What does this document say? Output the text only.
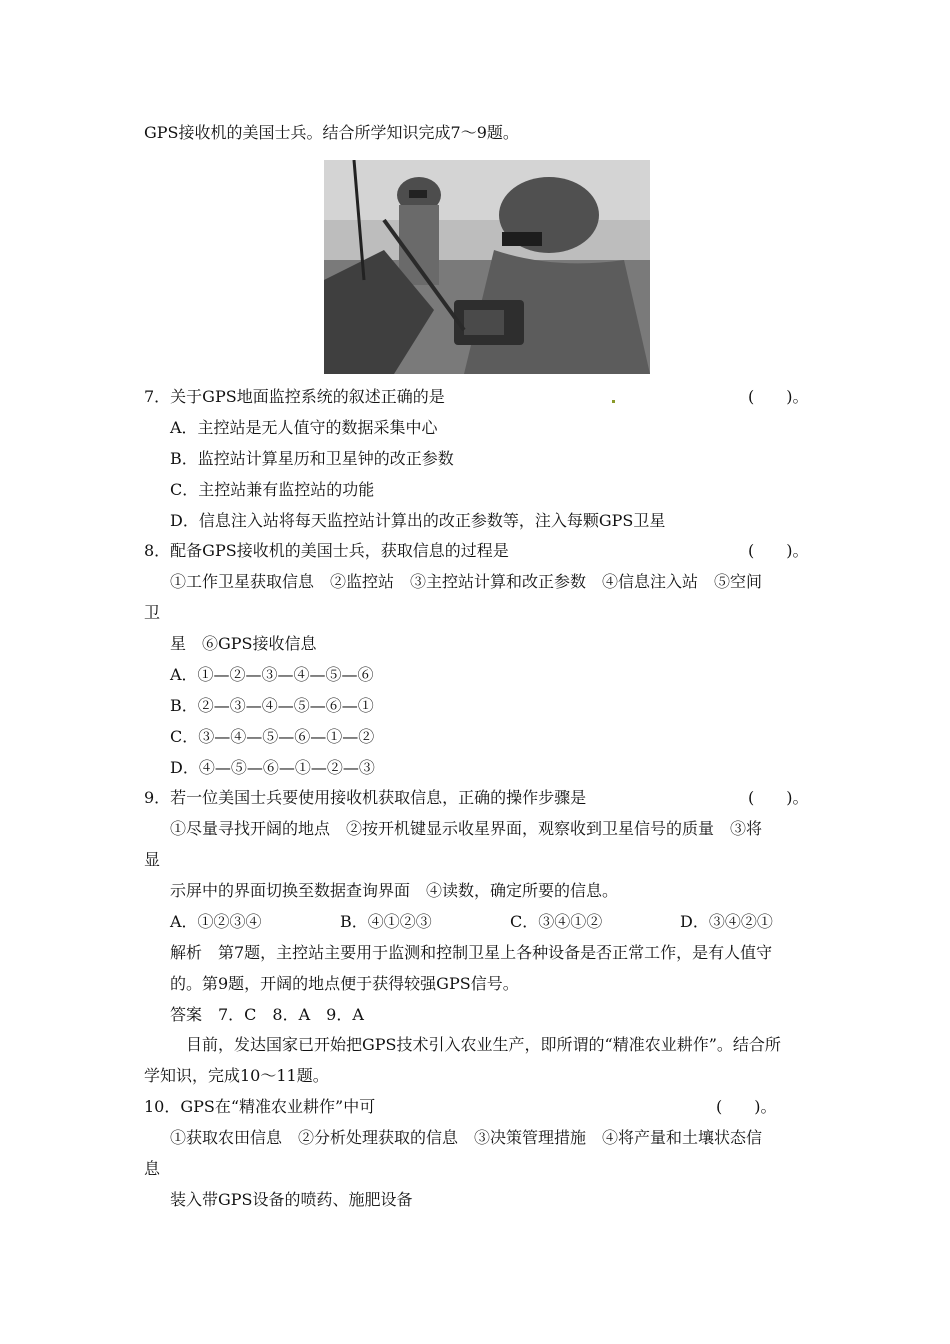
GPS接收机的美国士兵。结合所学知识完成7～9题。
7．关于GPS地面监控系统的叙述正确的是	(　　)。
A．主控站是无人值守的数据采集中心
B．监控站计算星历和卫星钟的改正参数
C．主控站兼有监控站的功能
D．信息注入站将每天监控站计算出的改正参数等，注入每颗GPS卫星
8．配备GPS接收机的美国士兵，获取信息的过程是	(　　)。
①工作卫星获取信息　②监控站　③主控站计算和改正参数　④信息注入站　⑤空间
卫
星　⑥GPS接收信息
A．①—②—③—④—⑤—⑥
B．②—③—④—⑤—⑥—①
C．③—④—⑤—⑥—①—②
D．④—⑤—⑥—①—②—③
9．若一位美国士兵要使用接收机获取信息，正确的操作步骤是	(　　)。
①尽量寻找开阔的地点　②按开机键显示收星界面，观察收到卫星信号的质量　③将
显
示屏中的界面切换至数据查询界面　④读数，确定所要的信息。
A．①②③④	B．④①②③	C．③④①②	D．③④②①
解析　第7题，主控站主要用于监测和控制卫星上各种设备是否正常工作，是有人值守
的。第9题，开阔的地点便于获得较强GPS信号。
答案　7．C　8．A　9．A
目前，发达国家已开始把GPS技术引入农业生产，即所谓的“精准农业耕作”。结合所
学知识，完成10～11题。
10．GPS在“精准农业耕作”中可	(　　)。
①获取农田信息　②分析处理获取的信息　③决策管理措施　④将产量和土壤状态信
息
装入带GPS设备的喷药、施肥设备
